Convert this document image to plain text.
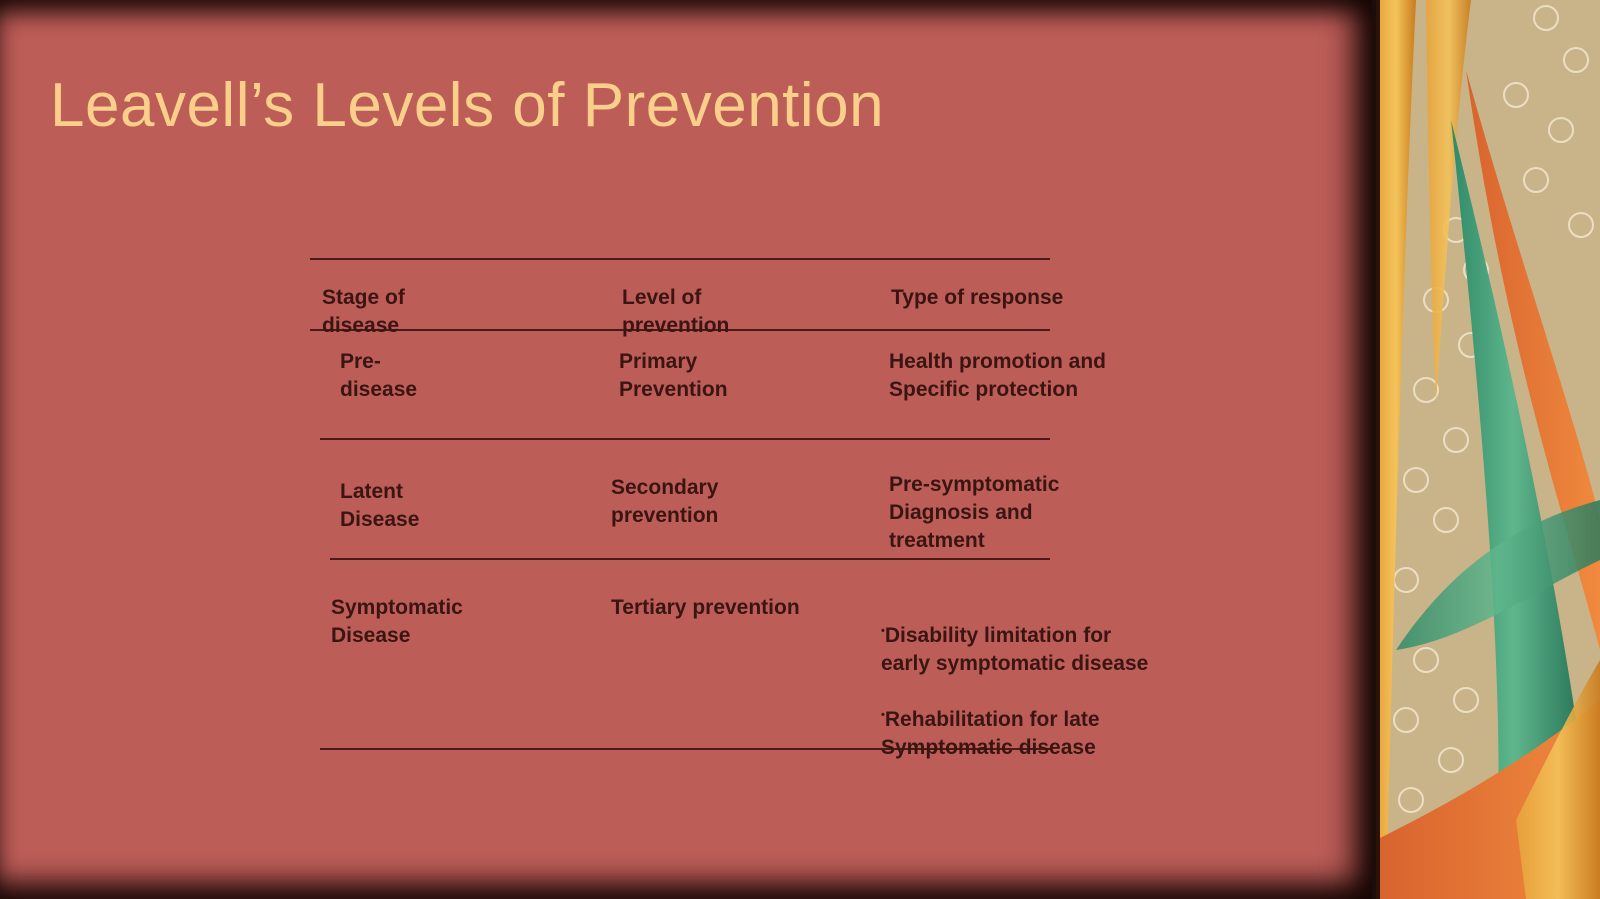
Leavell’s Levels of Prevention
Stage of
disease
Level of
prevention
Type of response
Pre-
disease
Primary
Prevention
Health promotion and
Specific protection
Latent
Disease
Secondary
prevention
Pre-symptomatic
Diagnosis and
treatment
Symptomatic
Disease
Tertiary prevention

•Disability limitation for
early symptomatic disease

•Rehabilitation for late
Symptomatic disease
